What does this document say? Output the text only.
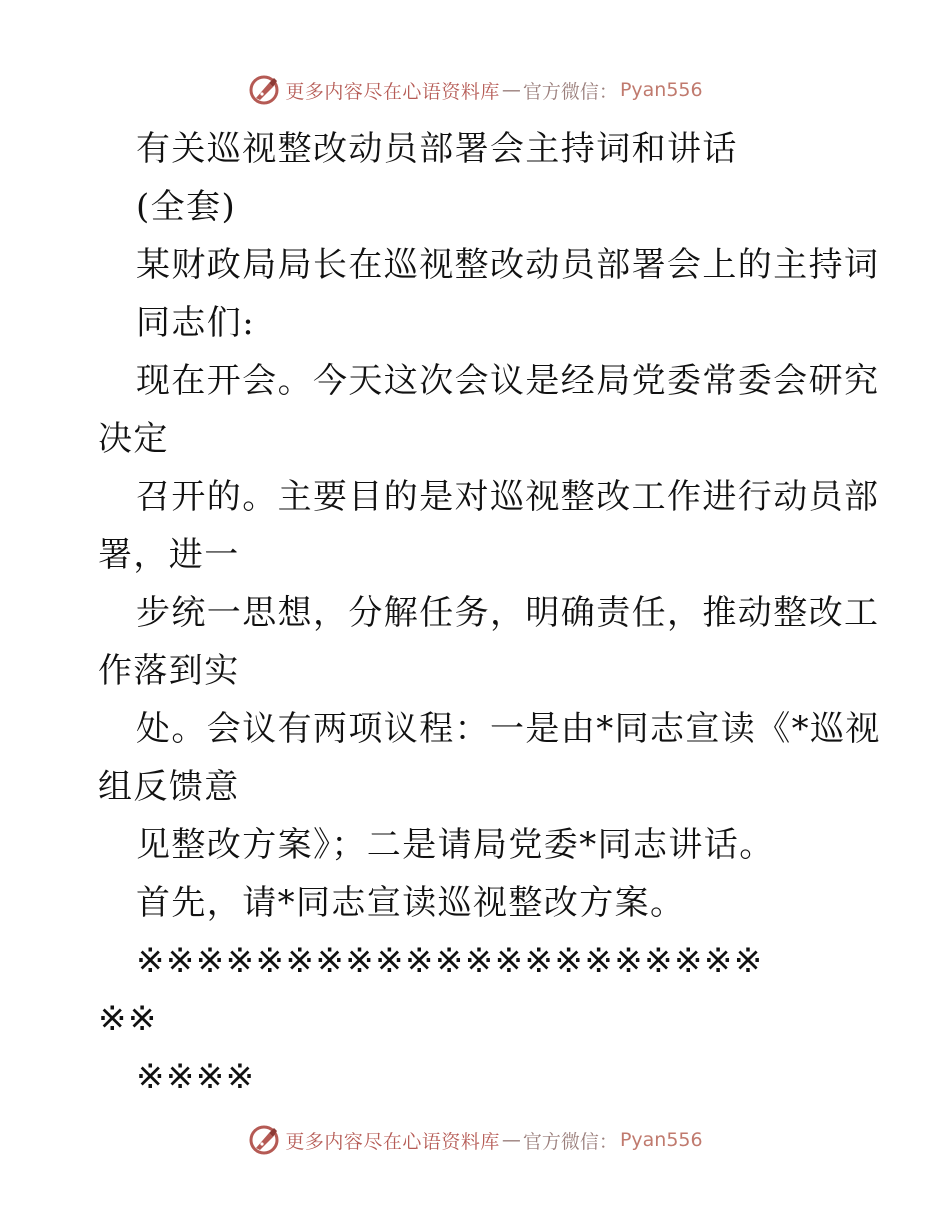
更多内容尽在心语资料库 — 官方微信： Pyan556
有关巡视整改动员部署会主持词和讲话
(全套)
某财政局局长在巡视整改动员部署会上的主持词
同志们:
现在开会。今天这次会议是经局党委常委会研究
决定
召开的。主要目的是对巡视整改工作进行动员部
署，进一
步统一思想，分解任务，明确责任，推动整改工
作落到实
处。会议有两项议程：一是由*同志宣读《*巡视
组反馈意
见整改方案》；二是请局党委*同志讲话。
首先，请*同志宣读巡视整改方案。
※※※※※※※※※※※※※※※※※※※※※
※※
※※※※
更多内容尽在心语资料库 — 官方微信： Pyan556
